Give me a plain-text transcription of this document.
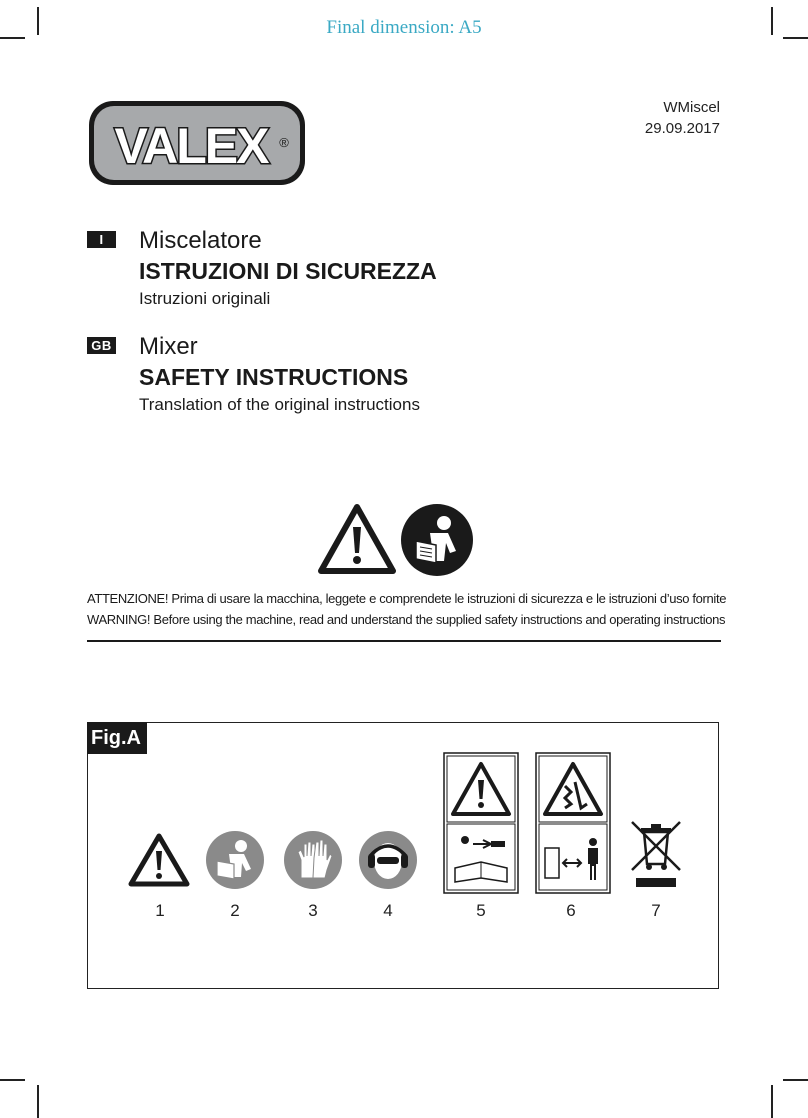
Final dimension: A5
WMiscel
29.09.2017
VALEX ®
I	Miscelatore
ISTRUZIONI DI SICUREZZA
Istruzioni originali
GB Mixer
SAFETY INSTRUCTIONS
Translation of the original instructions
ATTENZIONE! Prima di usare la macchina, leggete e comprendete le istruzioni di sicurezza e le istruzioni d’uso fornite
WARNING! Before using the machine, read and understand the supplied safety instructions and operating instructions
Fig.A
1	2	3	4	5	6	7
